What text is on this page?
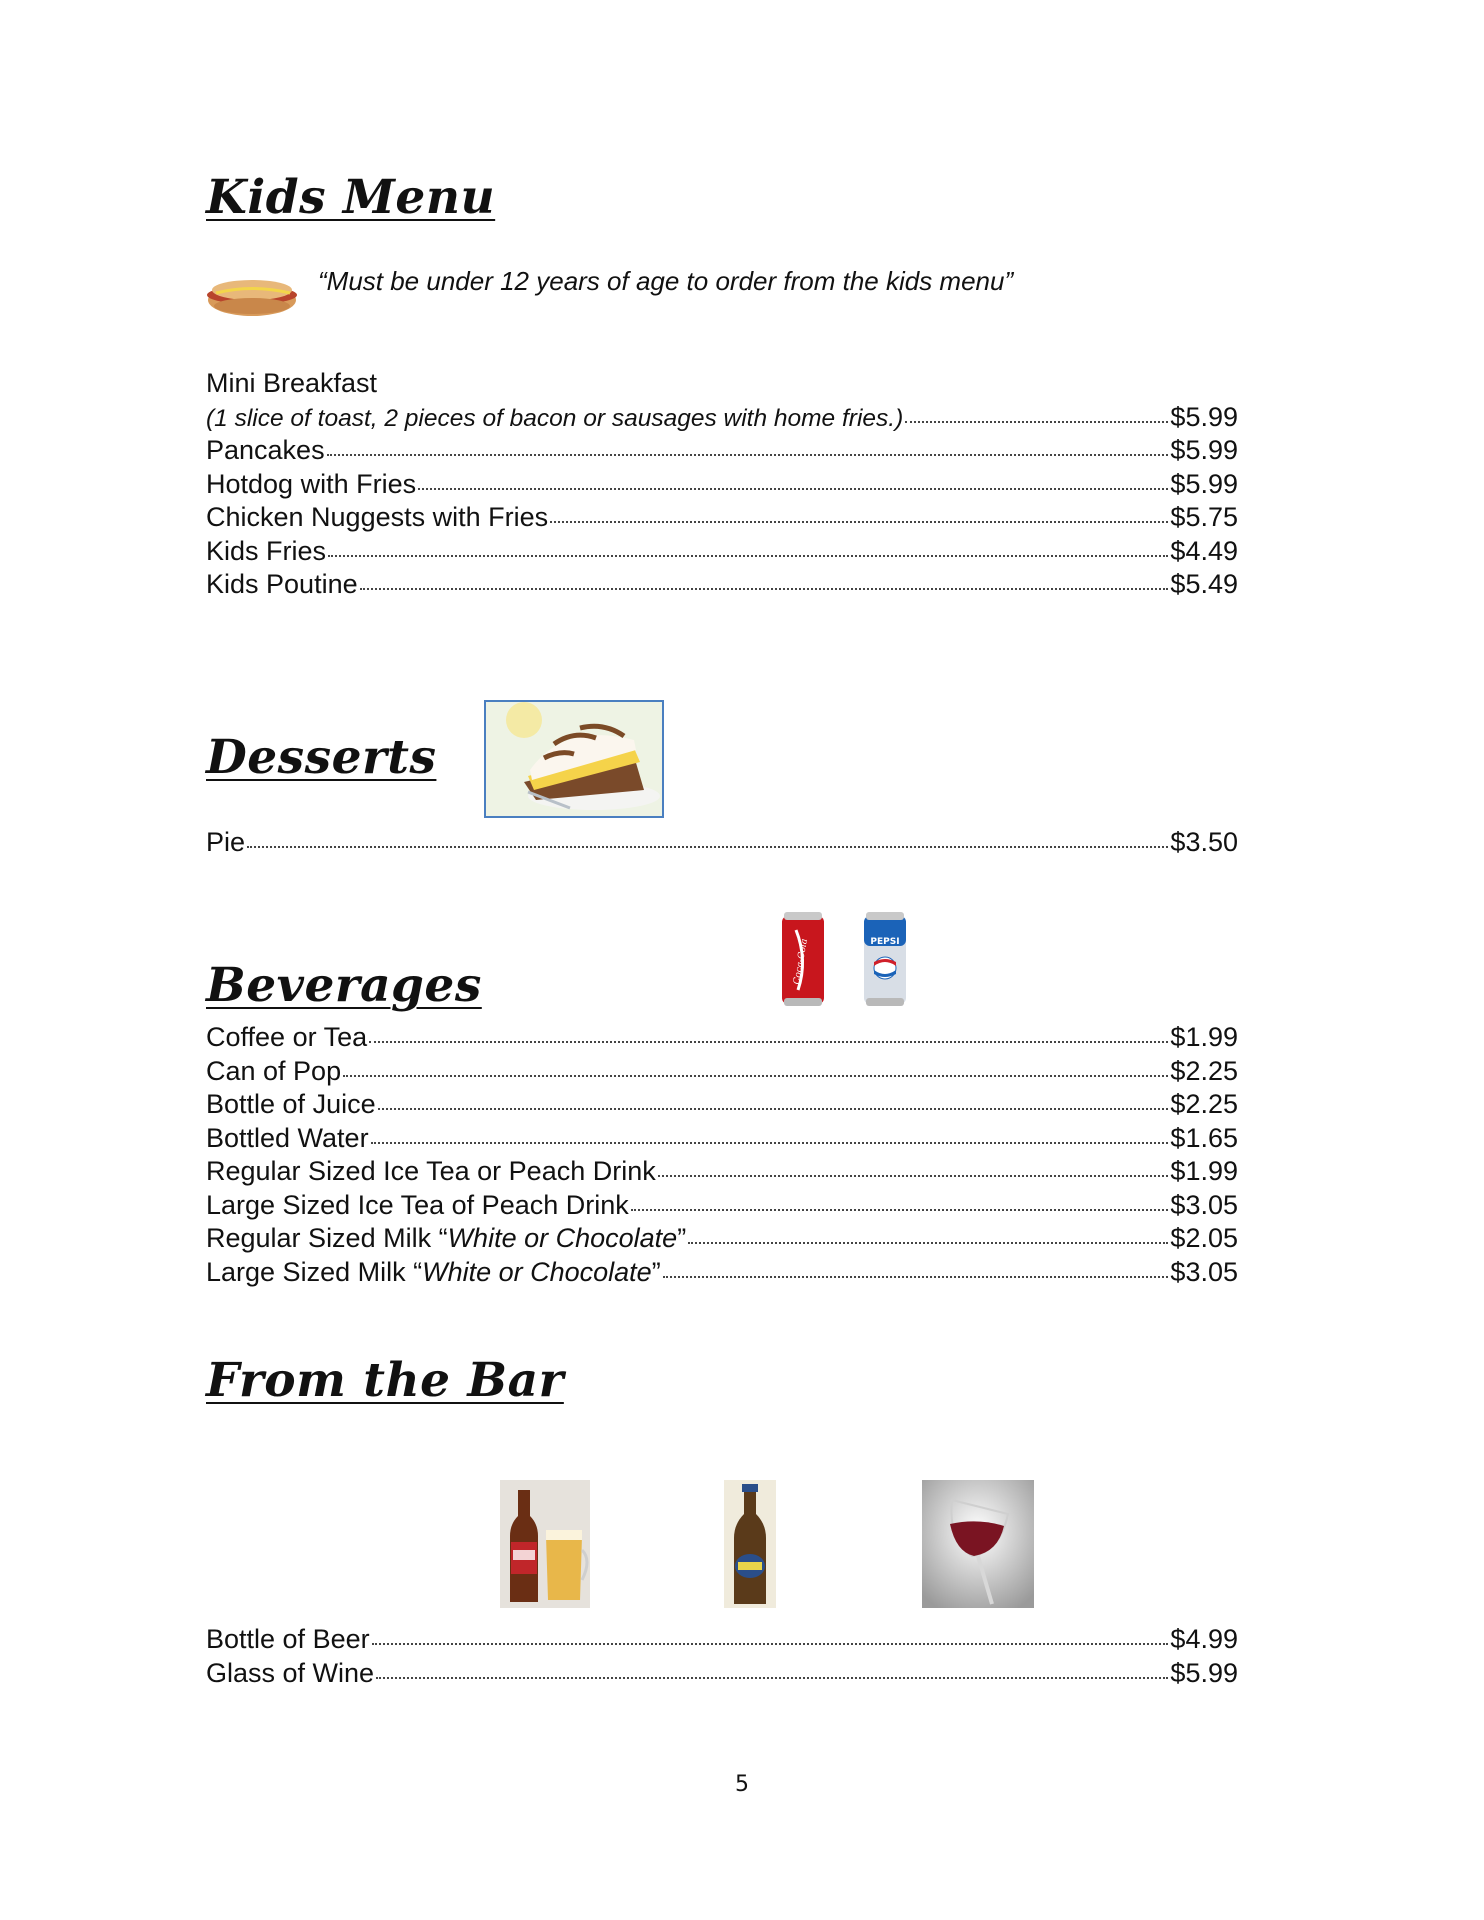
Kids Menu
“Must be under 12 years of age to order from the kids menu”
Mini Breakfast
(1 slice of toast, 2 pieces of bacon or sausages with home fries.)	$5.99
Pancakes	$5.99
Hotdog with Fries	$5.99
Chicken Nuggests with Fries	$5.75
Kids Fries	$4.49
Kids Poutine	$5.49
Desserts
Pie	$3.50
Coca-Cola	PEPSI
Beverages
Coffee or Tea	$1.99
Can of Pop	$2.25
Bottle of Juice	$2.25
Bottled Water	$1.65
Regular Sized Ice Tea or Peach Drink	$1.99
Large Sized Ice Tea of Peach Drink	$3.05
Regular Sized Milk “White or Chocolate”	$2.05
Large Sized Milk “White or Chocolate”	$3.05
From the Bar
Bottle of Beer	$4.99
Glass of Wine	$5.99
5
